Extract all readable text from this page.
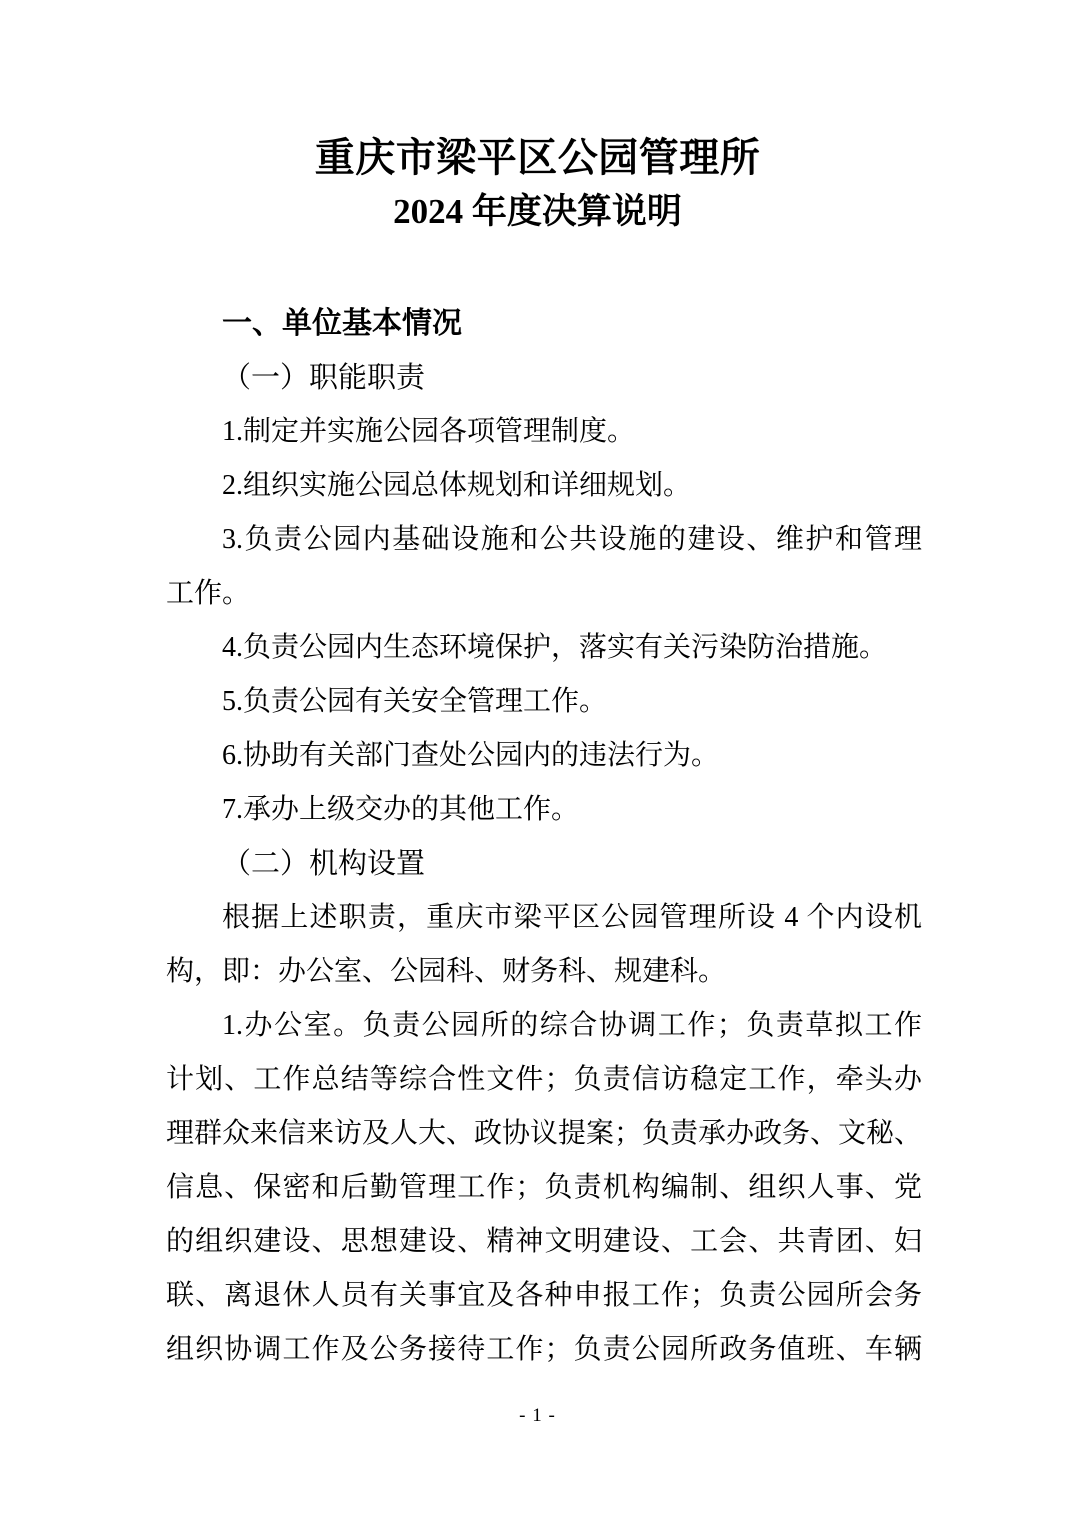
重庆市梁平区公园管理所
2024 年度决算说明
一、单位基本情况
（一）职能职责
1.制定并实施公园各项管理制度。
2.组织实施公园总体规划和详细规划。
3.负责公园内基础设施和公共设施的建设、维护和管理
工作。
4.负责公园内生态环境保护，落实有关污染防治措施。
5.负责公园有关安全管理工作。
6.协助有关部门查处公园内的违法行为。
7.承办上级交办的其他工作。
（二）机构设置
根据上述职责，重庆市梁平区公园管理所设 4 个内设机
构，即：办公室、公园科、财务科、规建科。
1.办公室。负责公园所的综合协调工作；负责草拟工作
计划、工作总结等综合性文件；负责信访稳定工作，牵头办
理群众来信来访及人大、政协议提案；负责承办政务、文秘、
信息、保密和后勤管理工作；负责机构编制、组织人事、党
的组织建设、思想建设、精神文明建设、工会、共青团、妇
联、离退休人员有关事宜及各种申报工作；负责公园所会务
组织协调工作及公务接待工作；负责公园所政务值班、车辆
- 1 -
